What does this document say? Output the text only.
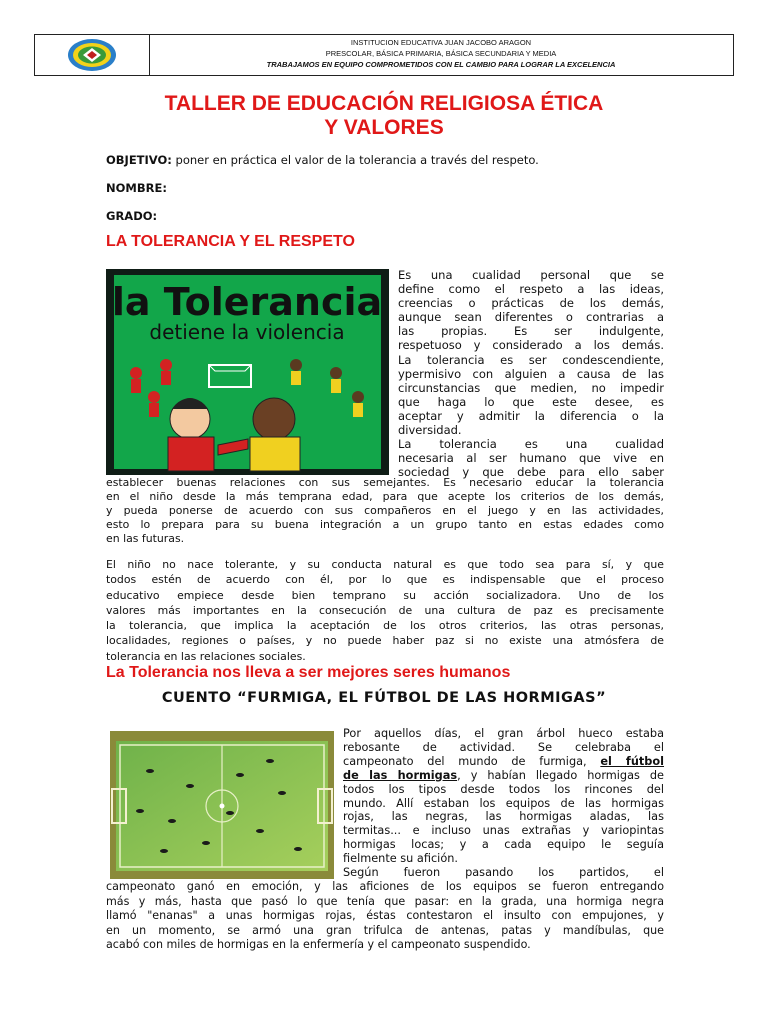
INSTITUCION EDUCATIVA JUAN JACOBO ARAGON
PRESCOLAR, BÁSICA PRIMARIA, BÁSICA SECUNDARIA Y MEDIA
TRABAJAMOS EN EQUIPO COMPROMETIDOS CON EL CAMBIO PARA LOGRAR LA EXCELENCIA
TALLER DE EDUCACIÓN RELIGIOSA ÉTICA
Y VALORES
OBJETIVO: poner en práctica el valor de la tolerancia a través del respeto.
NOMBRE:
GRADO:
LA TOLERANCIA Y EL RESPETO
la Tolerancia
detiene la violencia

Es una cualidad personal que se

define como el respeto a las ideas,

creencias o prácticas de los demás,

aunque sean diferentes o contrarias a

las propias. Es ser indulgente,

respetuoso y considerado a los demás.

La tolerancia es ser condescendiente,

ypermisivo con alguien a causa de las

circunstancias que medien, no impedir

que haga lo que este desee, es

aceptar y admitir la diferencia o la

diversidad.

La tolerancia es una cualidad

necesaria al ser humano que vive en

sociedad y que debe para ello saber

establecer buenas relaciones con sus semejantes. Es necesario educar la tolerancia

en el niño desde la más temprana edad, para que acepte los criterios de los demás,

y pueda ponerse de acuerdo con sus compañeros en el juego y en las actividades,

esto lo prepara para su buena integración a un grupo tanto en estas edades como

en las futuras.

El niño no nace tolerante, y su conducta natural es que todo sea para sí, y que

todos estén de acuerdo con él, por lo que es indispensable que el proceso

educativo empiece desde bien temprano su acción socializadora. Uno de los

valores más importantes en la consecución de una cultura de paz es precisamente

la tolerancia, que implica la aceptación de los otros criterios, las otras personas,

localidades, regiones o países, y no puede haber paz si no existe una atmósfera de

tolerancia en las relaciones sociales.

La Tolerancia nos lleva a ser mejores seres humanos
CUENTO “FURMIGA, EL FÚTBOL DE LAS HORMIGAS”

Por aquellos días, el gran árbol hueco estaba

rebosante de actividad. Se celebraba el

campeonato del mundo de furmiga, el fútbol

de las hormigas, y habían llegado hormigas de

todos los tipos desde todos los rincones del

mundo. Allí estaban los equipos de las hormigas

rojas, las negras, las hormigas aladas, las

termitas... e incluso unas extrañas y variopintas

hormigas locas; y a cada equipo le seguía

fielmente su afición.

Según fueron pasando los partidos, el

campeonato ganó en emoción, y las aficiones de los equipos se fueron entregando

más y más, hasta que pasó lo que tenía que pasar: en la grada, una hormiga negra

llamó "enanas" a unas hormigas rojas, éstas contestaron el insulto con empujones, y

en un momento, se armó una gran trifulca de antenas, patas y mandíbulas, que

acabó con miles de hormigas en la enfermería y el campeonato suspendido.
